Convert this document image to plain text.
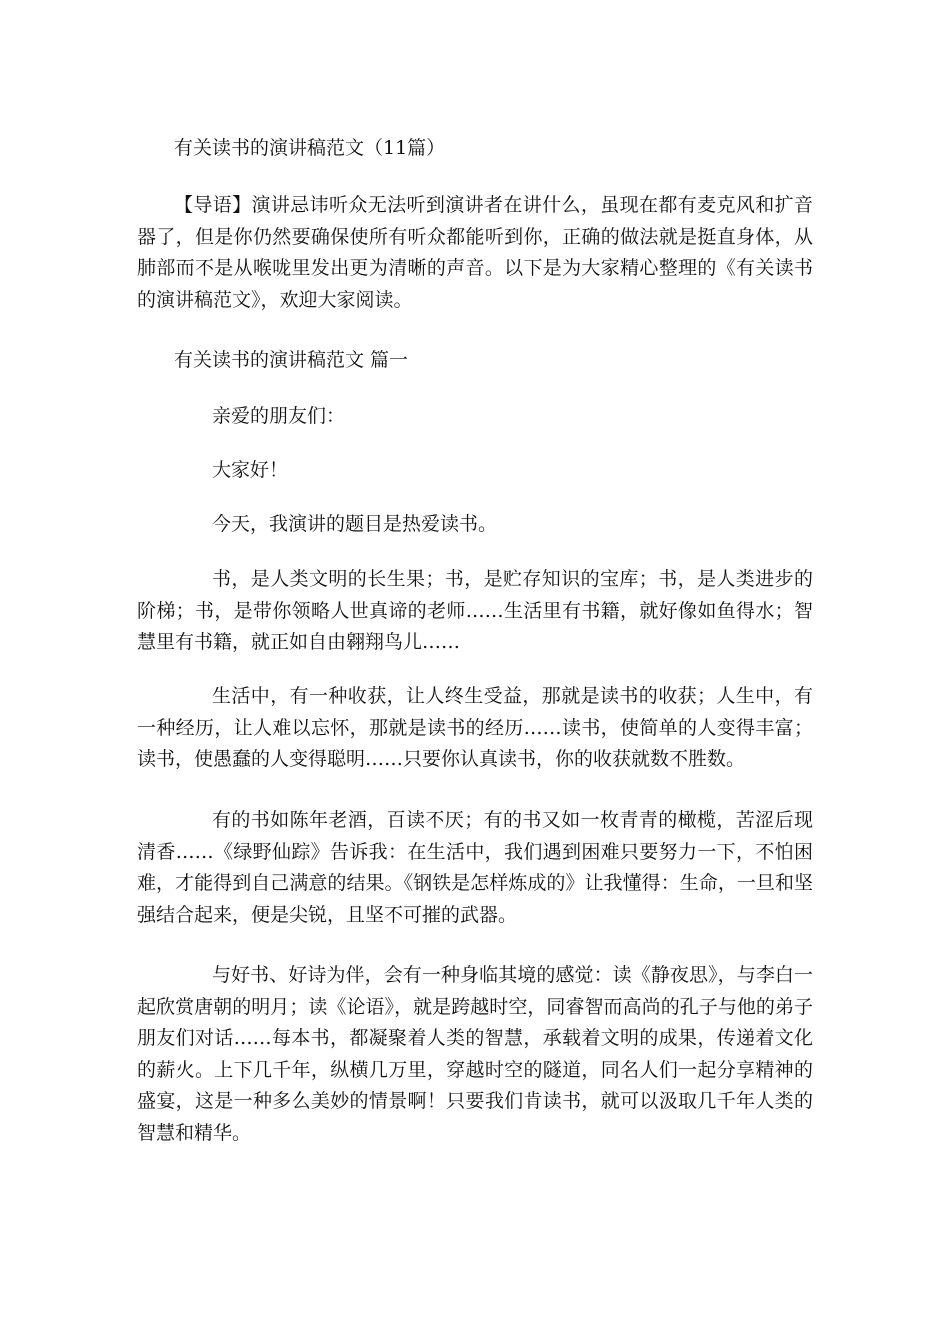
有关读书的演讲稿范文（11篇）

【导语】演讲忌讳听众无法听到演讲者在讲什么，虽现在都有麦克风和扩音器了，但是你仍然要确保使所有听众都能听到你，正确的做法就是挺直身体，从肺部而不是从喉咙里发出更为清晰的声音。以下是为大家精心整理的《有关读书的演讲稿范文》，欢迎大家阅读。

有关读书的演讲稿范文 篇一
亲爱的朋友们：
大家好！
今天，我演讲的题目是热爱读书。

书，是人类文明的长生果；书，是贮存知识的宝库；书，是人类进步的阶梯；书，是带你领略人世真谛的老师……生活里有书籍，就好像如鱼得水；智慧里有书籍，就正如自由翱翔鸟儿……

生活中，有一种收获，让人终生受益，那就是读书的收获；人生中，有一种经历，让人难以忘怀，那就是读书的经历……读书，使简单的人变得丰富；读书，使愚蠢的人变得聪明……只要你认真读书，你的收获就数不胜数。

有的书如陈年老酒，百读不厌；有的书又如一枚青青的橄榄，苦涩后现清香……《绿野仙踪》告诉我：在生活中，我们遇到困难只要努力一下，不怕困难，才能得到自己满意的结果。《钢铁是怎样炼成的》让我懂得：生命，一旦和坚强结合起来，便是尖锐，且坚不可摧的武器。

与好书、好诗为伴，会有一种身临其境的感觉：读《静夜思》，与李白一起欣赏唐朝的明月；读《论语》，就是跨越时空，同睿智而高尚的孔子与他的弟子朋友们对话……每本书，都凝聚着人类的智慧，承载着文明的成果，传递着文化的薪火。上下几千年，纵横几万里，穿越时空的隧道，同名人们一起分享精神的盛宴，这是一种多么美妙的情景啊！只要我们肯读书，就可以汲取几千年人类的智慧和精华。
